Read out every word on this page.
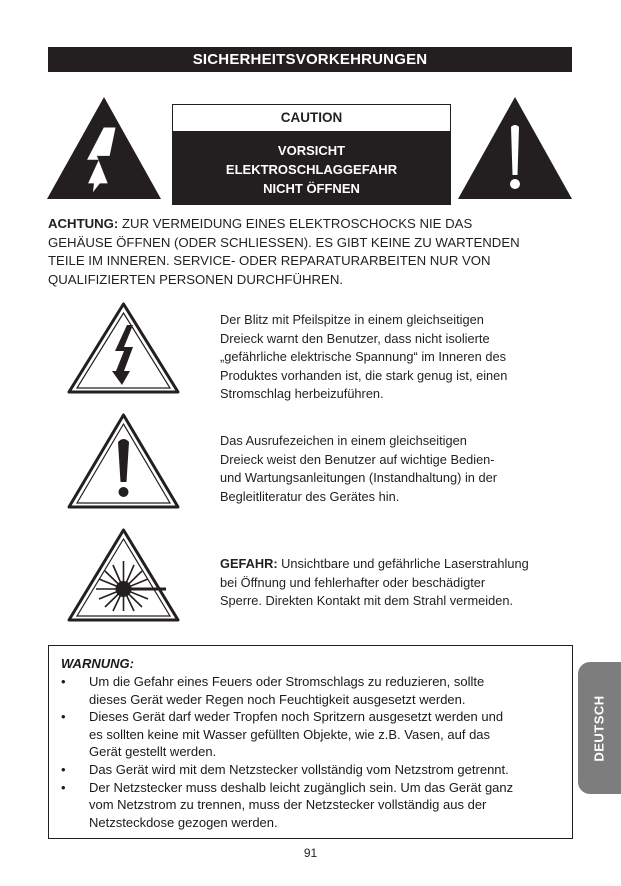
SICHERHEITSVORKEHRUNGEN
CAUTION
VORSICHT
ELEKTROSCHLAGGEFAHR
NICHT ÖFFNEN
ACHTUNG: ZUR VERMEIDUNG EINES ELEKTROSCHOCKS NIE DAS
GEHÄUSE ÖFFNEN (ODER SCHLIESSEN). ES GIBT KEINE ZU WARTENDEN
TEILE IM INNEREN. SERVICE- ODER REPARATURARBEITEN NUR VON
QUALIFIZIERTEN PERSONEN DURCHFÜHREN.
Der Blitz mit Pfeilspitze in einem gleichseitigen
Dreieck warnt den Benutzer, dass nicht isolierte
„gefährliche elektrische Spannung“ im Inneren des
Produktes vorhanden ist, die stark genug ist, einen
Stromschlag herbeizuführen.
Das Ausrufezeichen in einem gleichseitigen
Dreieck weist den Benutzer auf wichtige Bedien-
und Wartungsanleitungen (Instandhaltung) in der
Begleitliteratur des Gerätes hin.
GEFAHR: Unsichtbare und gefährliche Laserstrahlung
bei Öffnung und fehlerhafter oder beschädigter
Sperre. Direkten Kontakt mit dem Strahl vermeiden.
WARNUNG:
• Um die Gefahr eines Feuers oder Stromschlags zu reduzieren, sollte
dieses Gerät weder Regen noch Feuchtigkeit ausgesetzt werden.
• Dieses Gerät darf weder Tropfen noch Spritzern ausgesetzt werden und
es sollten keine mit Wasser gefüllten Objekte, wie z.B. Vasen, auf das
Gerät gestellt werden.
• Das Gerät wird mit dem Netzstecker vollständig vom Netzstrom getrennt.
• Der Netzstecker muss deshalb leicht zugänglich sein. Um das Gerät ganz
vom Netzstrom zu trennen, muss der Netzstecker vollständig aus der
Netzsteckdose gezogen werden.
DEUTSCH
91
